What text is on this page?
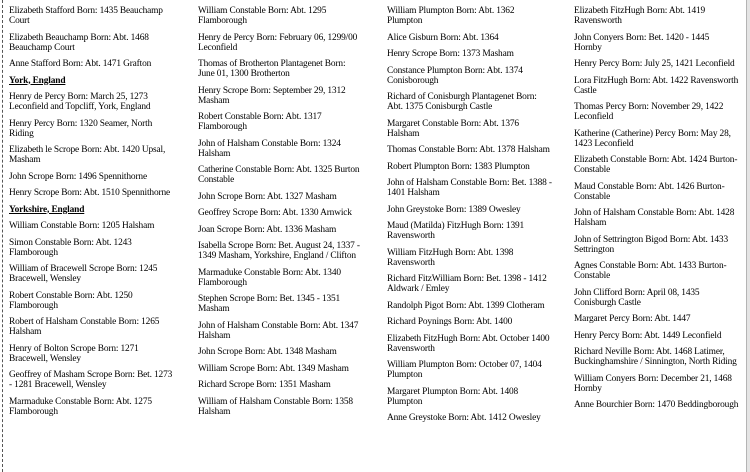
Elizabeth Stafford Born: 1435 Beauchamp
Court
Elizabeth Beauchamp Born: Abt. 1468
Beauchamp Court
Anne Stafford Born: Abt. 1471 Grafton
York, England
Henry de Percy Born: March 25, 1273
Leconfield and Topcliff, York, England
Henry Percy Born: 1320 Seamer, North
Riding
Elizabeth le Scrope Born: Abt. 1420 Upsal,
Masham
John Scrope Born: 1496 Spennithorne
Henry Scrope Born: Abt. 1510 Spennithorne
Yorkshire, England
William Constable Born: 1205 Halsham
Simon Constable Born: Abt. 1243
Flamborough
William of Bracewell Scrope Born: 1245
Bracewell, Wensley
Robert Constable Born: Abt. 1250
Flamborough
Robert of Halsham Constable Born: 1265
Halsham
Henry of Bolton Scrope Born: 1271
Bracewell, Wensley
Geoffrey of Masham Scrope Born: Bet. 1273
- 1281 Bracewell, Wensley
Marmaduke Constable Born: Abt. 1275
Flamborough
William Constable Born: Abt. 1295
Flamborough
Henry de Percy Born: February 06, 1299/00
Leconfield
Thomas of Brotherton Plantagenet Born:
June 01, 1300 Brotherton
Henry Scrope Born: September 29, 1312
Masham
Robert Constable Born: Abt. 1317
Flamborough
John of Halsham Constable Born: 1324
Halsham
Catherine Constable Born: Abt. 1325 Burton
Constable
John Scrope Born: Abt. 1327 Masham
Geoffrey Scrope Born: Abt. 1330 Arnwick
Joan Scrope Born: Abt. 1336 Masham
Isabella Scrope Born: Bet. August 24, 1337 -
1349 Masham, Yorkshire, England / Clifton
Marmaduke Constable Born: Abt. 1340
Flamborough
Stephen Scrope Born: Bet. 1345 - 1351
Masham
John of Halsham Constable Born: Abt. 1347
Halsham
John Scrope Born: Abt. 1348 Masham
William Scrope Born: Abt. 1349 Masham
Richard Scrope Born: 1351 Masham
William of Halsham Constable Born: 1358
Halsham
William Plumpton Born: Abt. 1362
Plumpton
Alice Gisburn Born: Abt. 1364
Henry Scrope Born: 1373 Masham
Constance Plumpton Born: Abt. 1374
Conisborough
Richard of Conisburgh Plantagenet Born:
Abt. 1375 Conisburgh Castle
Margaret Constable Born: Abt. 1376
Halsham
Thomas Constable Born: Abt. 1378 Halsham
Robert Plumpton Born: 1383 Plumpton
John of Halsham Constable Born: Bet. 1388 -
1401 Halsham
John Greystoke Born: 1389 Owesley
Maud (Matilda) FitzHugh Born: 1391
Ravensworth
William FitzHugh Born: Abt. 1398
Ravensworth
Richard FitzWilliam Born: Bet. 1398 - 1412
Aldwark / Emley
Randolph Pigot Born: Abt. 1399 Clotheram
Richard Poynings Born: Abt. 1400
Elizabeth FitzHugh Born: Abt. October 1400
Ravensworth
William Plumpton Born: October 07, 1404
Plumpton
Margaret Plumpton Born: Abt. 1408
Plumpton
Anne Greystoke Born: Abt. 1412 Owesley
Elizabeth FitzHugh Born: Abt. 1419
Ravensworth
John Conyers Born: Bet. 1420 - 1445
Hornby
Henry Percy Born: July 25, 1421 Leconfield
Lora FitzHugh Born: Abt. 1422 Ravensworth
Castle
Thomas Percy Born: November 29, 1422
Leconfield
Katherine (Catherine) Percy Born: May 28,
1423 Leconfield
Elizabeth Constable Born: Abt. 1424 Burton-
Constable
Maud Constable Born: Abt. 1426 Burton-
Constable
John of Halsham Constable Born: Abt. 1428
Halsham
John of Settrington Bigod Born: Abt. 1433
Settrington
Agnes Constable Born: Abt. 1433 Burton-
Constable
John Clifford Born: April 08, 1435
Conisburgh Castle
Margaret Percy Born: Abt. 1447
Henry Percy Born: Abt. 1449 Leconfield
Richard Neville Born: Abt. 1468 Latimer,
Buckinghamshire / Sinnington, North Riding
William Conyers Born: December 21, 1468
Hornby
Anne Bourchier Born: 1470 Beddingborough
